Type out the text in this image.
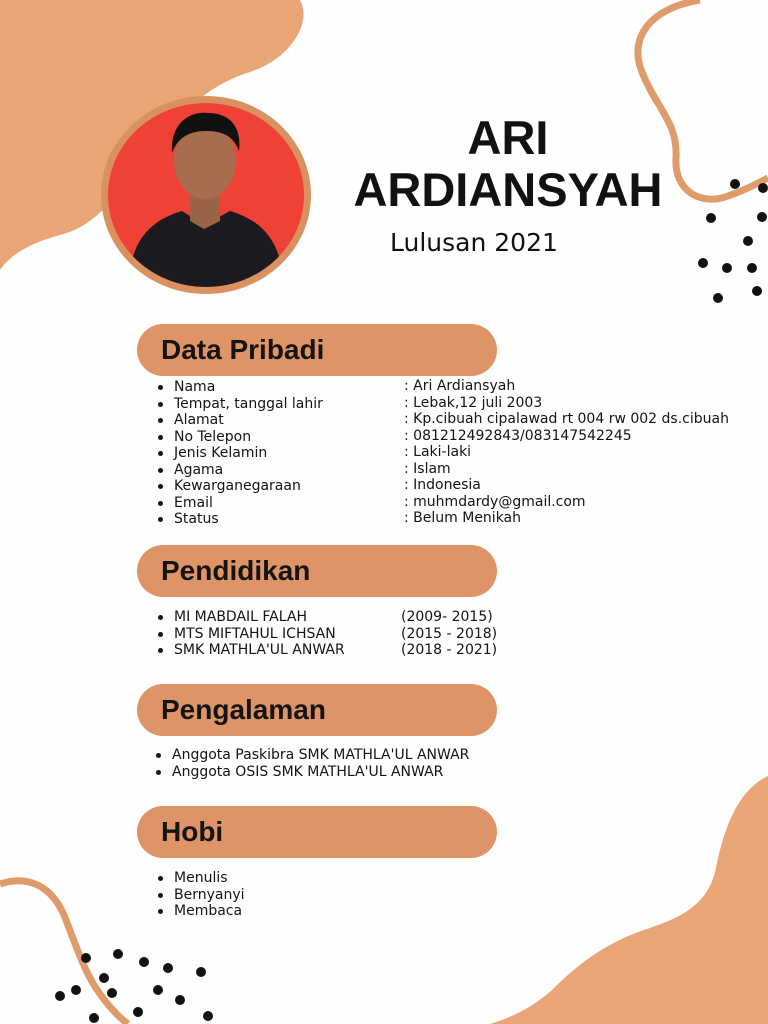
ARI
ARDIANSYAH
Lulusan 2021
Data Pribadi
Nama
Tempat, tanggal lahir
Alamat
No Telepon
Jenis Kelamin
Agama
Kewarganegaraan
Email
Status
: Ari Ardiansyah
: Lebak,12 juli 2003
: Kp.cibuah cipalawad rt 004 rw 002 ds.cibuah
: 081212492843/083147542245
: Laki-laki
: Islam
: Indonesia
: muhmdardy@gmail.com
: Belum Menikah
Pendidikan
MI MABDAIL FALAH
MTS MIFTAHUL ICHSAN
SMK MATHLA'UL ANWAR
(2009- 2015)
(2015 - 2018)
(2018 - 2021)
Pengalaman
Anggota Paskibra SMK MATHLA'UL ANWAR
Anggota OSIS SMK MATHLA'UL ANWAR
Hobi
Menulis
Bernyanyi
Membaca
